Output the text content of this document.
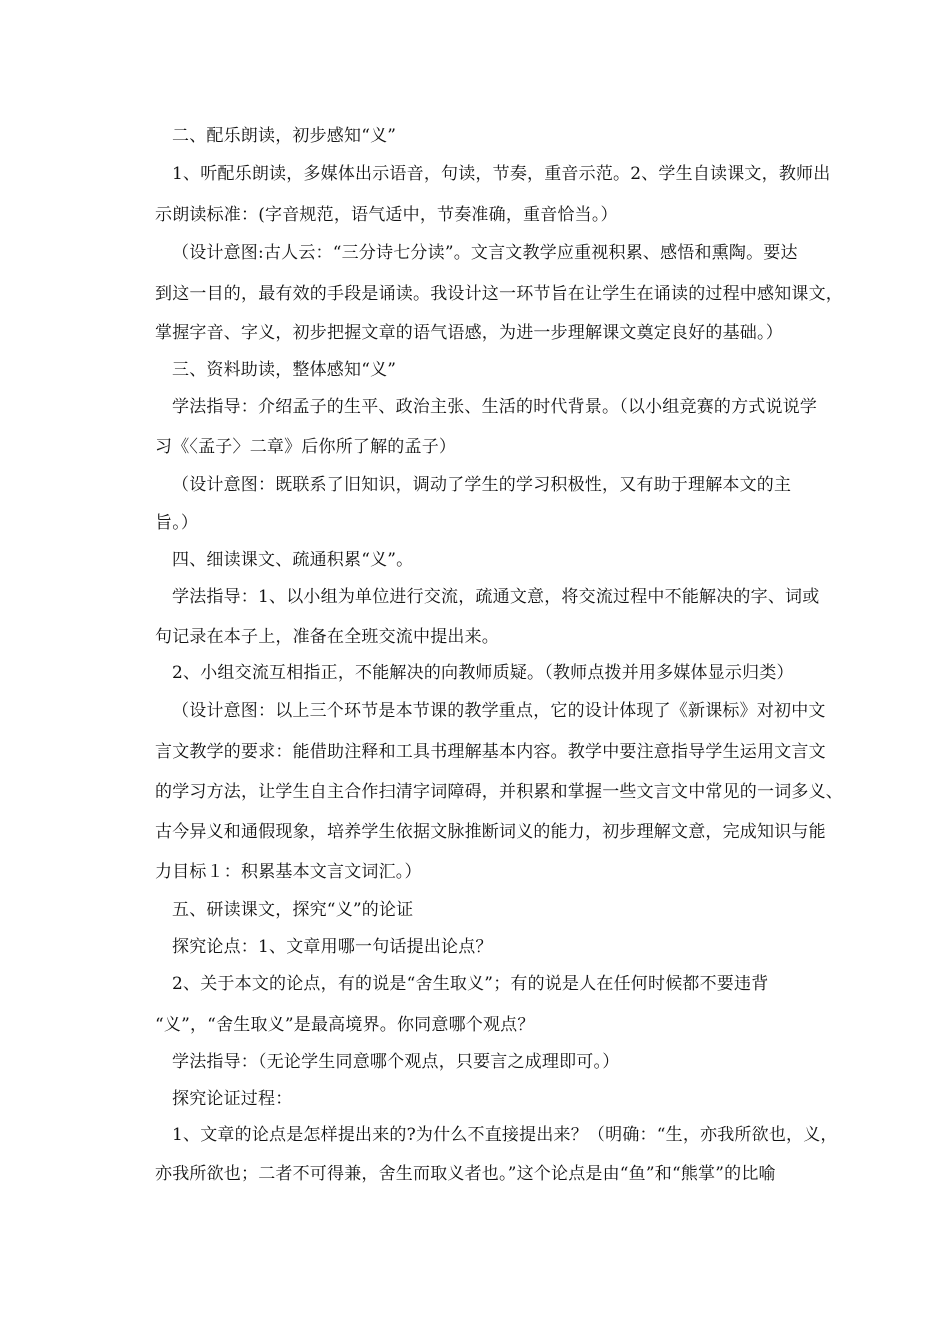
二、配乐朗读，初步感知“义”
1、听配乐朗读，多媒体出示语音，句读，节奏，重音示范。2、学生自读课文，教师出
示朗读标准：(字音规范，语气适中，节奏准确，重音恰当。）
（设计意图:古人云：“三分诗七分读”。文言文教学应重视积累、感悟和熏陶。要达
到这一目的，最有效的手段是诵读。我设计这一环节旨在让学生在诵读的过程中感知课文，
掌握字音、字义，初步把握文章的语气语感，为进一步理解课文奠定良好的基础。）
三、资料助读，整体感知“义”
学法指导：介绍孟子的生平、政治主张、生活的时代背景。（以小组竞赛的方式说说学
习《〈孟子〉二章》后你所了解的孟子）
（设计意图：既联系了旧知识，调动了学生的学习积极性，又有助于理解本文的主
旨。）
四、细读课文、疏通积累“义”。
学法指导：1、以小组为单位进行交流，疏通文意，将交流过程中不能解决的字、词或
句记录在本子上，准备在全班交流中提出来。
2、小组交流互相指正，不能解决的向教师质疑。（教师点拨并用多媒体显示归类）
（设计意图：以上三个环节是本节课的教学重点，它的设计体现了《新课标》对初中文
言文教学的要求：能借助注释和工具书理解基本内容。教学中要注意指导学生运用文言文
的学习方法，让学生自主合作扫清字词障碍，并积累和掌握一些文言文中常见的一词多义、
古今异义和通假现象，培养学生依据文脉推断词义的能力，初步理解文意，完成知识与能
力目标１：积累基本文言文词汇。）
五、研读课文，探究“义”的论证
探究论点：1、文章用哪一句话提出论点？
2、关于本文的论点，有的说是“舍生取义”；有的说是人在任何时候都不要违背
“义”，“舍生取义”是最高境界。你同意哪个观点？
学法指导：（无论学生同意哪个观点，只要言之成理即可。）
探究论证过程：
1、文章的论点是怎样提出来的?为什么不直接提出来？（明确：“生，亦我所欲也，义，
亦我所欲也；二者不可得兼，舍生而取义者也。”这个论点是由“鱼”和“熊掌”的比喻
